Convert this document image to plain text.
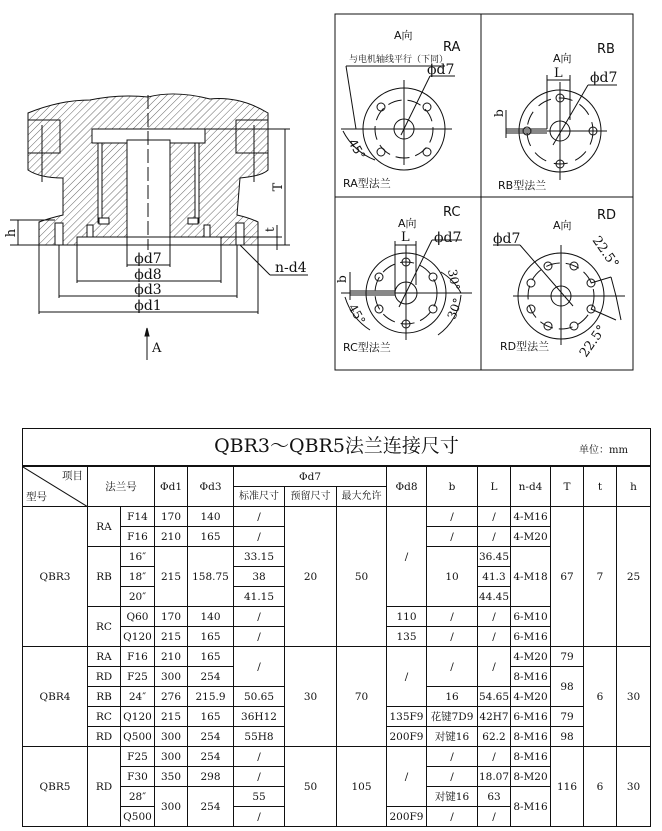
ϕd7
ϕd8
ϕd3
ϕd1
T
t
h
n-d4
A
A向
RA
与电机轴线平行（下同）
ϕd7
45°
RA型法兰
RB
A向
L ϕd7
b
RB型法兰
RC
A向
L ϕd7
b	30°
30°
45°
RC型法兰
RD
A向
ϕd7	22.5°
22.5°
RD型法兰
QBR3～QBR5法兰连接尺寸 单位：mm														

项目
型号	法兰号		Φd1	Φd3	Φd7			Φd8	b	L	n-d4	T	t	h
					标准尺寸	预留尺寸	最大允许							
QBR3	RA	F14	170	140	/	20	50	/	/	/	4-M16	67	7	25
		F16	210	165	/				/	/	4-M20			
	RB	16″	215	158.75	33.15				10	36.45	4-M18			
		18″			38					41.3				
		20″			41.15					44.45				
	RC	Q60	170	140	/			110	/	/	6-M10			
		Q120	215	165	/			135	/	/	6-M16			
QBR4	RA	F16	210	165	/	30	70	/	/	/	4-M20	79	6	30
	RD	F25	300	254							8-M16	98		
	RB	24″	276	215.9	50.65				16	54.65	4-M20			
	RC	Q120	215	165	36H12			135F9	花键7D9	42H7	6-M16	79		
	RD	Q500	300	254	55H8			200F9	对键16	62.2	8-M16	98		
QBR5	RD	F25	300	254	/	50	105	/	/	/	8-M16	116	6	30
		F30	350	298	/				/	18.07	8-M20			
		28″	300	254	55				对键16	63	8-M16			
		Q500			/			200F9	/	/				
